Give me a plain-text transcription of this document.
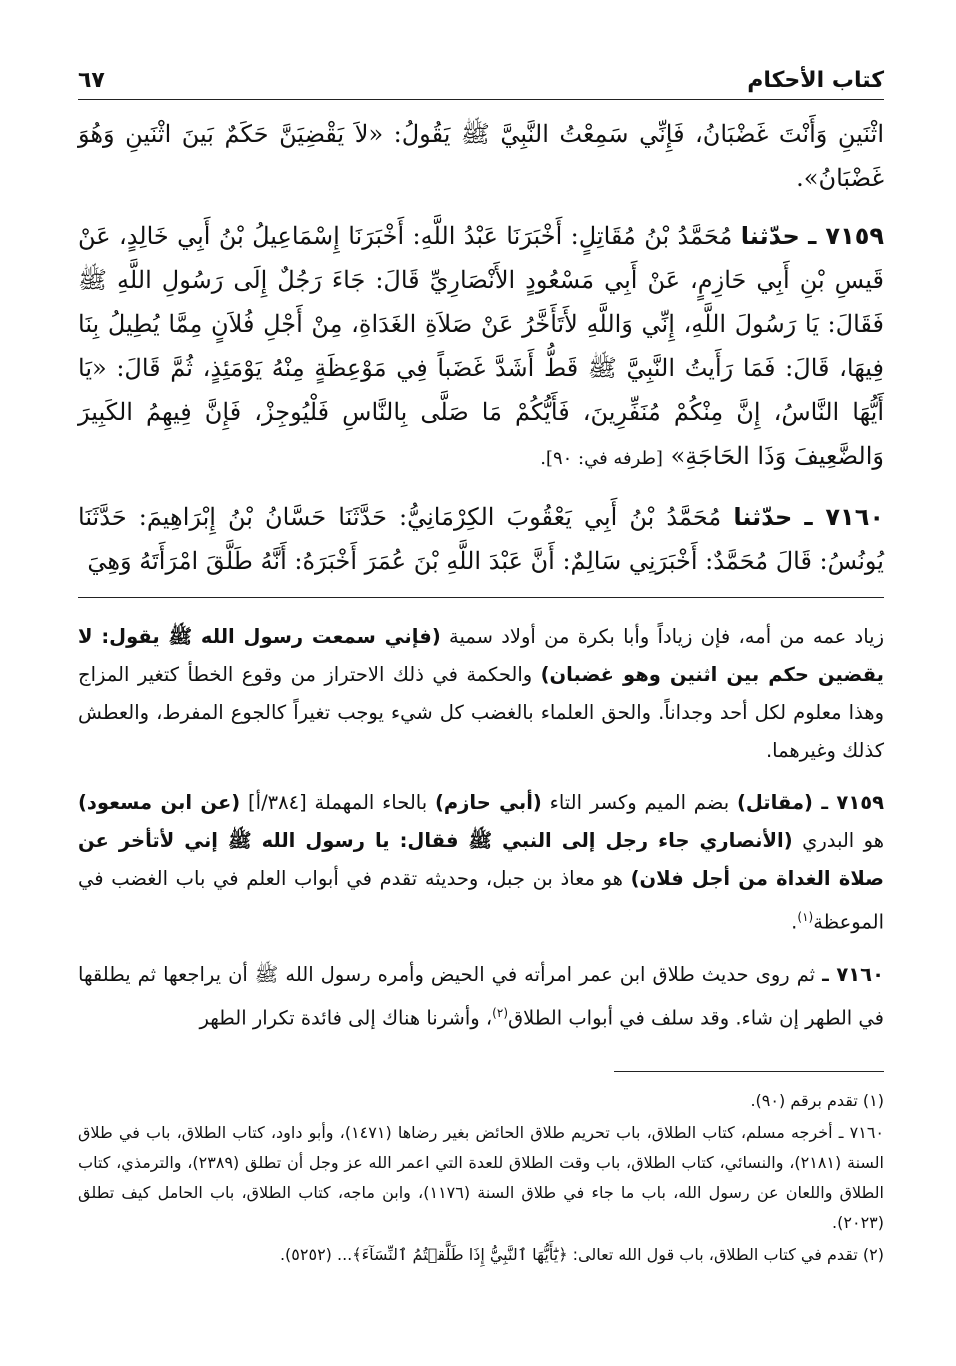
كتاب الأحكام
٦٧

اثْنَينِ وَأَنْتَ غَضْبَانُ، فَإِنِّي سَمِعْتُ النَّبِيَّ ﷺ يَقُولُ: «لاَ يَقْضِيَنَّ حَكَمٌ بَينَ اثْنَينِ وَهُوَ غَضْبَانُ».

٧١٥٩ ـ حدّثنا مُحَمَّدُ بْنُ مُقَاتِلٍ: أَخْبَرَنَا عَبْدُ اللَّهِ: أَخْبَرَنَا إِسْمَاعِيلُ بْنُ أَبِي خَالِدٍ، عَنْ قَيسِ بْنِ أَبِي حَازِمٍ، عَنْ أَبِي مَسْعُودٍ الأَنْصَارِيِّ قَالَ: جَاءَ رَجُلٌ إِلَى رَسُولِ اللَّهِ ﷺ فَقَالَ: يَا رَسُولَ اللَّهِ، إِنِّي وَاللَّهِ لأَتَأَخَّرُ عَنْ صَلاَةِ الغَدَاةِ، مِنْ أَجْلِ فُلاَنٍ مِمَّا يُطِيلُ بِنَا فِيهَا، قَالَ: فَمَا رَأَيتُ النَّبِيَّ ﷺ قَطُّ أَشَدَّ غَضَباً فِي مَوْعِظَةٍ مِنْهُ يَوْمَئِذٍ، ثُمَّ قَالَ: «يَا أَيُّهَا النَّاسُ، إِنَّ مِنْكُمْ مُنَفِّرِينَ، فَأَيُّكُمْ مَا صَلَّى بِالنَّاسِ فَلْيُوجِزْ، فَإِنَّ فِيهِمُ الكَبِيرَ وَالضَّعِيفَ وَذَا الحَاجَةِ» [طرفه في: ٩٠].

٧١٦٠ ـ حدّثنا مُحَمَّدُ بْنُ أَبِي يَعْقُوبَ الكِرْمَانِيُّ: حَدَّثَنَا حَسَّانُ بْنُ إِبْرَاهِيمَ: حَدَّثَنَا يُونُسُ: قَالَ مُحَمَّدٌ: أَخْبَرَنِي سَالِمٌ: أَنَّ عَبْدَ اللَّهِ بْنَ عُمَرَ أَخْبَرَهُ: أَنَّهُ طَلَّقَ امْرَأَتَهُ وَهِيَ

زياد عمه من أمه، فإن زياداً وأبا بكرة من أولاد سمية (فإني سمعت رسول الله ﷺ يقول: لا يقضين حكم بين اثنين وهو غضبان) والحكمة في ذلك الاحتراز من وقوع الخطأ كتغير المزاج وهذا معلوم لكل أحد وجداناً. والحق العلماء بالغضب كل شيء يوجب تغيراً كالجوع المفرط، والعطش كذلك وغيرهما.

٧١٥٩ ـ (مقاتل) بضم الميم وكسر التاء (أبي حازم) بالحاء المهملة [٣٨٤/أ] (عن ابن مسعود) هو البدري (الأنصاري جاء رجل إلى النبي ﷺ فقال: يا رسول الله ﷺ إني لأتأخر عن صلاة الغداة من أجل فلان) هو معاذ بن جبل، وحديثه تقدم في أبواب العلم في باب الغضب في الموعظة$^{(١)}$.

٧١٦٠ ـ ثم روى حديث طلاق ابن عمر امرأته في الحيض وأمره رسول الله ﷺ أن يراجعها ثم يطلقها في الطهر إن شاء. وقد سلف في أبواب الطلاق$^{(٢)}$، وأشرنا هناك إلى فائدة تكرار الطهر

(١) تقدم برقم (٩٠).

٧١٦٠ ـ أخرجه مسلم، كتاب الطلاق، باب تحريم طلاق الحائض بغير رضاها (١٤٧١)، وأبو داود، كتاب الطلاق، باب في طلاق السنة (٢١٨١)، والنسائي، كتاب الطلاق، باب وقت الطلاق للعدة التي اعمر الله عز وجل أن تطلق (٢٣٨٩)، والترمذي، كتاب الطلاق واللعان عن رسول الله، باب ما جاء في طلاق السنة (١١٧٦)، وابن ماجه، كتاب الطلاق، باب الحامل كيف تطلق (٢٠٢٣).

(٢) تقدم في كتاب الطلاق، باب قول الله تعالى: ﴿يَٰٓأَيُّهَا ٱلنَّبِيُّ إِذَا طَلَّقۡتُمُ ٱلنِّسَآءَ﴾... (٥٢٥٢).
